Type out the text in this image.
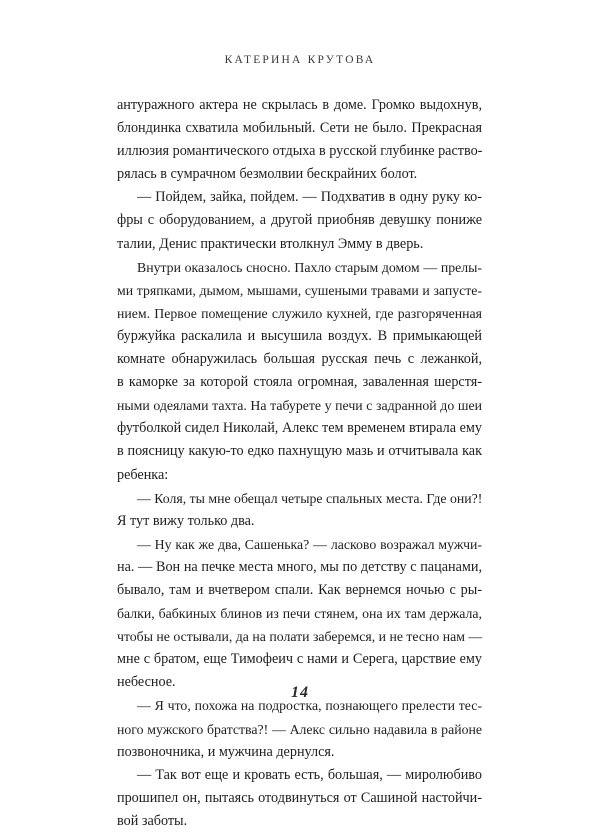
КАТЕРИНА КРУТОВА
антуражного актера не скрылась в доме. Громко выдохнув,
блондинка схватила мобильный. Сети не было. Прекрасная
иллюзия романтического отдыха в русской глубинке раство-
рялась в сумрачном безмолвии бескрайних болот.
— Пойдем, зайка, пойдем. — Подхватив в одну руку ко-
фры с оборудованием, а другой приобняв девушку пониже
талии, Денис практически втолкнул Эмму в дверь.
Внутри оказалось сносно. Пахло старым домом — прелы-
ми тряпками, дымом, мышами, сушеными травами и запусте-
нием. Первое помещение служило кухней, где разгоряченная
буржуйка раскалила и высушила воздух. В примыкающей
комнате обнаружилась большая русская печь с лежанкой,
в каморке за которой стояла огромная, заваленная шерстя-
ными одеялами тахта. На табурете у печи с задранной до шеи
футболкой сидел Николай, Алекс тем временем втирала ему
в поясницу какую-то едко пахнущую мазь и отчитывала как
ребенка:
— Коля, ты мне обещал четыре спальных места. Где они?!
Я тут вижу только два.
— Ну как же два, Сашенька? — ласково возражал мужчи-
на. — Вон на печке места много, мы по детству с пацанами,
бывало, там и вчетвером спали. Как вернемся ночью с ры-
балки, бабкиных блинов из печи стянем, она их там держала,
чтобы не остывали, да на полати заберемся, и не тесно нам —
мне с братом, еще Тимофеич с нами и Серега, царствие ему
небесное.
— Я что, похожа на подростка, познающего прелести тес-
ного мужского братства?! — Алекс сильно надавила в районе
позвоночника, и мужчина дернулся.
— Так вот еще и кровать есть, большая, — миролюбиво
прошипел он, пытаясь отодвинуться от Сашиной настойчи-
вой заботы.
14
